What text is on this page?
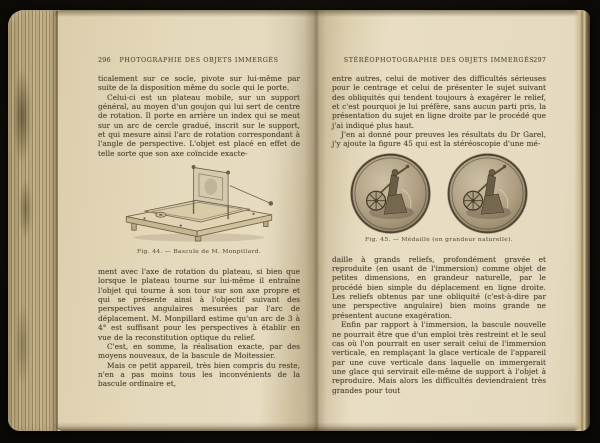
296 PHOTOGRAPHIE DES OBJETS IMMERGÉS

ticalement sur ce socle, pivote sur lui-même par suite de la disposition même du socle qui le porte.

Celui-ci est un plateau mobile, sur un support général, au moyen d'un goujon qui lui sert de centre de rotation. Il porte en arrière un index qui se meut sur un arc de cercle gradué, inscrit sur le support, et qui mesure ainsi l'arc de rotation correspondant à l'angle de perspective. L'objet est placé en effet de telle sorte que son axe coïncide exacte-

Fig. 44. — Bascule de M. Monpillard.

ment avec l'axe de rotation du plateau, si bien que lorsque le plateau tourne sur lui-même il entraîne l'objet qui tourne à son tour sur son axe propre et qui se présente ainsi à l'objectif suivant des perspectives angulaires mesurées par l'arc de déplacement. M. Monpillard estime qu'un arc de 3 à 4° est suffisant pour les perspectives à établir en vue de la reconstitution optique du relief.

C'est, en somme, la réalisation exacte, par des moyens nouveaux, de la bascule de Moitessier.

Mais ce petit appareil, très bien compris du reste, n'en a pas moins tous les inconvénients de la bascule ordinaire et,

STÉRÉOPHOTOGRAPHIE DES OBJETS IMMERGÉS
297

entre autres, celui de motiver des difficultés sérieuses pour le centrage et celui de présenter le sujet suivant des obliquités qui tendent toujours à exagérer le relief, et c'est pourquoi je lui préfère, sans aucun parti pris, la présentation du sujet en ligne droite par le procédé que j'ai indiqué plus haut.

J'en ai donné pour preuves les résultats du Dr Garel, j'y ajoute la figure 45 qui est la stéréoscopie d'une mé-

Fig. 45. — Médaille (en grandeur naturelle).

daille à grands reliefs, profondément gravée et reproduite (en usant de l'immersion) comme objet de petites dimensions, en grandeur naturelle, par le procédé bien simple du déplacement en ligne droite. Les reliefs obtenus par une obliquité (c'est-à-dire par une perspective angulaire) bien moins grande ne présentent aucune exagération.

Enfin par rapport à l'immersion, la bascule nouvelle ne pourrait être que d'un emploi très restreint et le seul cas où l'on pourrait en user serait celui de l'immersion verticale, en remplaçant la glace verticale de l'appareil par une cuve verticale dans laquelle on immergerait une glace qui servirait elle-même de support à l'objet à reproduire. Mais alors les difficultés deviendraient très grandes pour tout
